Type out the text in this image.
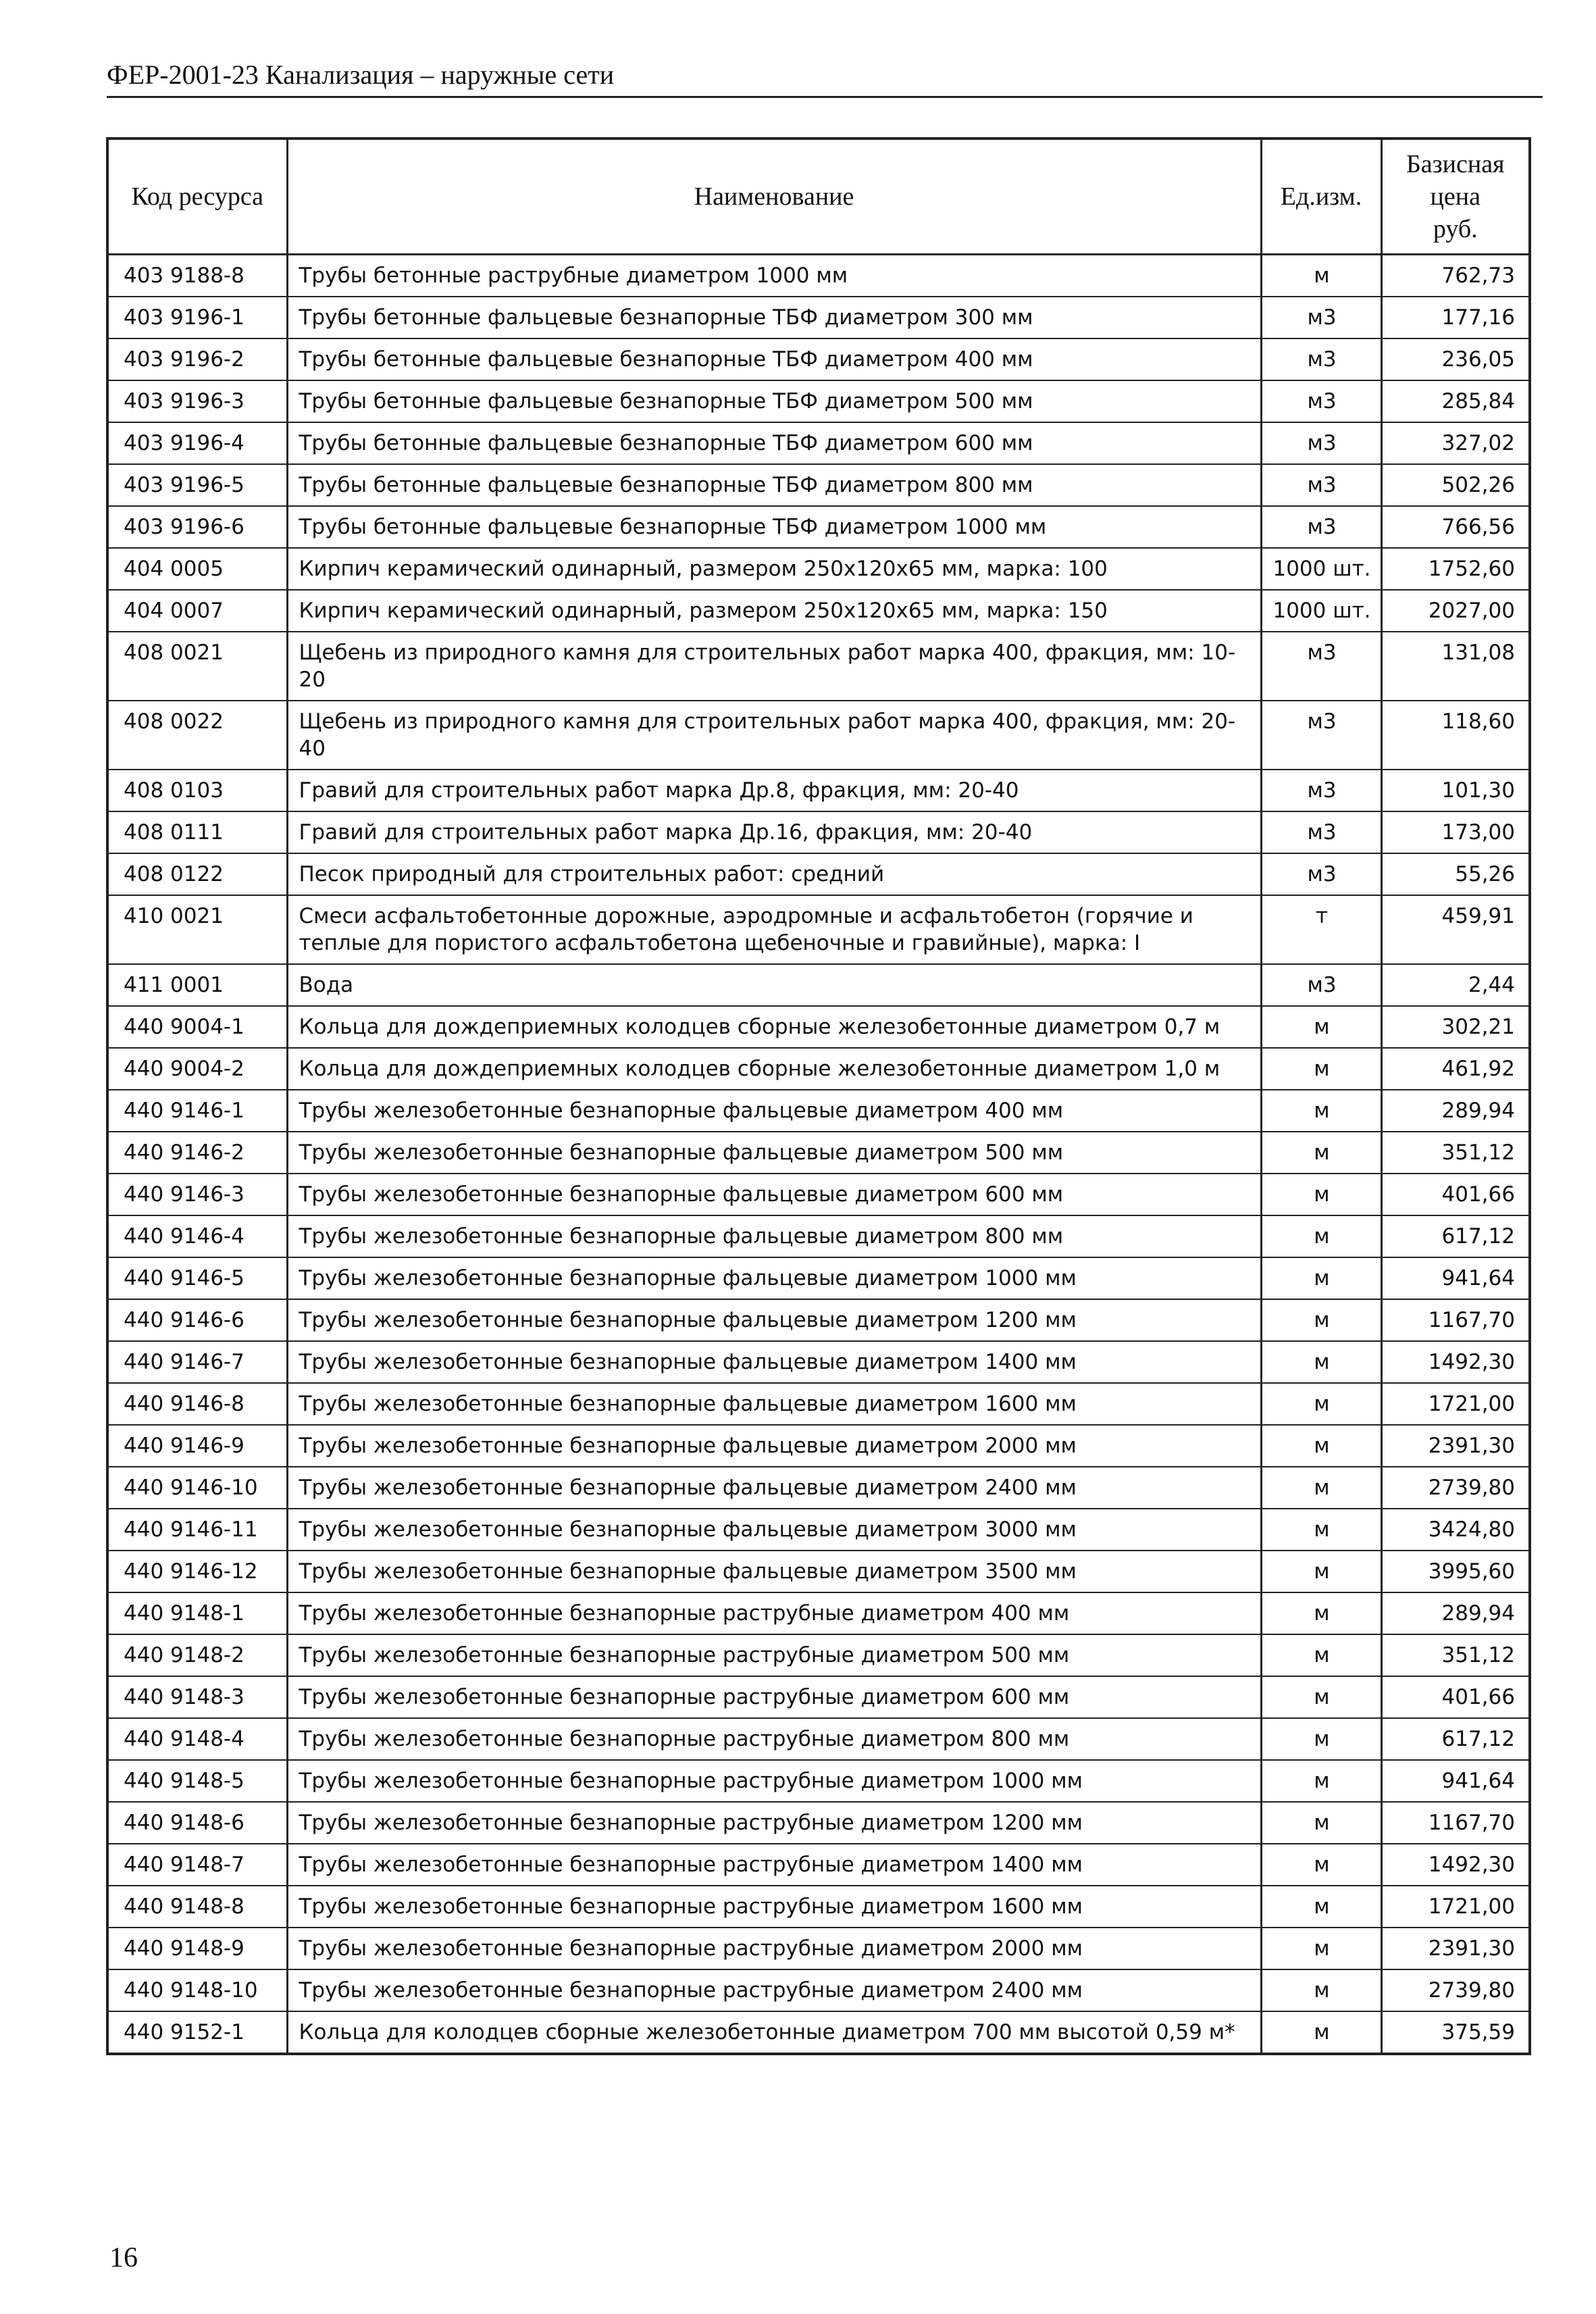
ФЕР-2001-23 Канализация – наружные сети
Код ресурса	Наименование	Ед.изм.	Базисная
цена
руб.

403 9188-8	Трубы бетонные раструбные диаметром 1000 мм	м	762,73
403 9196-1	Трубы бетонные фальцевые безнапорные ТБФ диаметром 300 мм	м3	177,16
403 9196-2	Трубы бетонные фальцевые безнапорные ТБФ диаметром 400 мм	м3	236,05
403 9196-3	Трубы бетонные фальцевые безнапорные ТБФ диаметром 500 мм	м3	285,84
403 9196-4	Трубы бетонные фальцевые безнапорные ТБФ диаметром 600 мм	м3	327,02
403 9196-5	Трубы бетонные фальцевые безнапорные ТБФ диаметром 800 мм	м3	502,26
403 9196-6	Трубы бетонные фальцевые безнапорные ТБФ диаметром 1000 мм	м3	766,56
404 0005	Кирпич керамический одинарный, размером 250х120х65 мм, марка: 100	1000 шт.	1752,60
404 0007	Кирпич керамический одинарный, размером 250х120х65 мм, марка: 150	1000 шт.	2027,00
408 0021	Щебень из природного камня для строительных работ марка 400, фракция, мм: 10-20	м3	131,08
408 0022	Щебень из природного камня для строительных работ марка 400, фракция, мм: 20-40	м3	118,60
408 0103	Гравий для строительных работ марка Др.8, фракция, мм: 20-40	м3	101,30
408 0111	Гравий для строительных работ марка Др.16, фракция, мм: 20-40	м3	173,00
408 0122	Песок природный для строительных работ: средний	м3	55,26
410 0021	Смеси асфальтобетонные дорожные, аэродромные и асфальтобетон (горячие и теплые для пористого асфальтобетона щебеночные и гравийные), марка: I	т	459,91
411 0001	Вода	м3	2,44
440 9004-1	Кольца для дождеприемных колодцев сборные железобетонные диаметром 0,7 м	м	302,21
440 9004-2	Кольца для дождеприемных колодцев сборные железобетонные диаметром 1,0 м	м	461,92
440 9146-1	Трубы железобетонные безнапорные фальцевые диаметром 400 мм	м	289,94
440 9146-2	Трубы железобетонные безнапорные фальцевые диаметром 500 мм	м	351,12
440 9146-3	Трубы железобетонные безнапорные фальцевые диаметром 600 мм	м	401,66
440 9146-4	Трубы железобетонные безнапорные фальцевые диаметром 800 мм	м	617,12
440 9146-5	Трубы железобетонные безнапорные фальцевые диаметром 1000 мм	м	941,64
440 9146-6	Трубы железобетонные безнапорные фальцевые диаметром 1200 мм	м	1167,70
440 9146-7	Трубы железобетонные безнапорные фальцевые диаметром 1400 мм	м	1492,30
440 9146-8	Трубы железобетонные безнапорные фальцевые диаметром 1600 мм	м	1721,00
440 9146-9	Трубы железобетонные безнапорные фальцевые диаметром 2000 мм	м	2391,30
440 9146-10	Трубы железобетонные безнапорные фальцевые диаметром 2400 мм	м	2739,80
440 9146-11	Трубы железобетонные безнапорные фальцевые диаметром 3000 мм	м	3424,80
440 9146-12	Трубы железобетонные безнапорные фальцевые диаметром 3500 мм	м	3995,60
440 9148-1	Трубы железобетонные безнапорные раструбные диаметром 400 мм	м	289,94
440 9148-2	Трубы железобетонные безнапорные раструбные диаметром 500 мм	м	351,12
440 9148-3	Трубы железобетонные безнапорные раструбные диаметром 600 мм	м	401,66
440 9148-4	Трубы железобетонные безнапорные раструбные диаметром 800 мм	м	617,12
440 9148-5	Трубы железобетонные безнапорные раструбные диаметром 1000 мм	м	941,64
440 9148-6	Трубы железобетонные безнапорные раструбные диаметром 1200 мм	м	1167,70
440 9148-7	Трубы железобетонные безнапорные раструбные диаметром 1400 мм	м	1492,30
440 9148-8	Трубы железобетонные безнапорные раструбные диаметром 1600 мм	м	1721,00
440 9148-9	Трубы железобетонные безнапорные раструбные диаметром 2000 мм	м	2391,30
440 9148-10	Трубы железобетонные безнапорные раструбные диаметром 2400 мм	м	2739,80
440 9152-1	Кольца для колодцев сборные железобетонные диаметром 700 мм высотой 0,59 м*	м	375,59
16
